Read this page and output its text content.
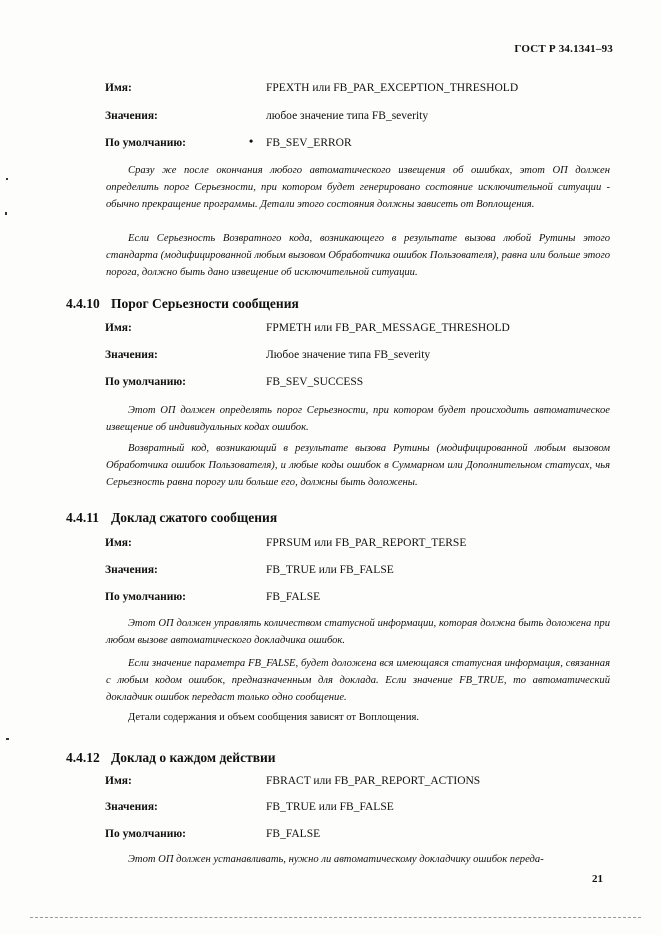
ГОСТ Р 34.1341–93
Имя:	FPEXTH или FB_PAR_EXCEPTION_THRESHOLD
Значения:	любое значение типа FB_severity
По умолчанию:	• FB_SEV_ERROR

Сразу же после окончания любого автоматического извещения об ошибках, этот ОП должен определить порог Серьезности, при котором будет генерировано состояние исключительной ситуации - обычно прекращение программы. Детали этого состояния должны зависеть от Воплощения.

Если Серьезность Возвратного кода, возникающего в результате вызова любой Рутины этого стандарта (модифицированной любым вызовом Обработчика ошибок Пользователя), равна или больше этого порога, должно быть дано извещение об исключительной ситуации.

4.4.10 Порог Серьезности сообщения
Имя:	FPMETH или FB_PAR_MESSAGE_THRESHOLD
Значения:	Любое значение типа FB_severity
По умолчанию:	FB_SEV_SUCCESS

Этот ОП должен определять порог Серьезности, при котором будет происходить автоматическое извещение об индивидуальных кодах ошибок.

Возвратный код, возникающий в результате вызова Рутины (модифицированной любым вызовом Обработчика ошибок Пользователя), и любые коды ошибок в Суммарном или Дополнительном статусах, чья Серьезность равна порогу или больше его, должны быть доложены.

4.4.11 Доклад сжатого сообщения
Имя:	FPRSUM или FB_PAR_REPORT_TERSE
Значения:	FB_TRUE или FB_FALSE
По умолчанию:	FB_FALSE

Этот ОП должен управлять количеством статусной информации, которая должна быть доложена при любом вызове автоматического докладчика ошибок.

Если значение параметра FB_FALSE, будет доложена вся имеющаяся статусная информация, связанная с любым кодом ошибок, предназначенным для доклада. Если значение FB_TRUE, то автоматический докладчик ошибок передаст только одно сообщение.

Детали содержания и объем сообщения зависят от Воплощения.

4.4.12 Доклад о каждом действии
Имя:	FBRACT или FB_PAR_REPORT_ACTIONS
Значения:	FB_TRUE или FB_FALSE
По умолчанию:	FB_FALSE

Этот ОП должен устанавливать, нужно ли автоматическому докладчику ошибок переда-

21
